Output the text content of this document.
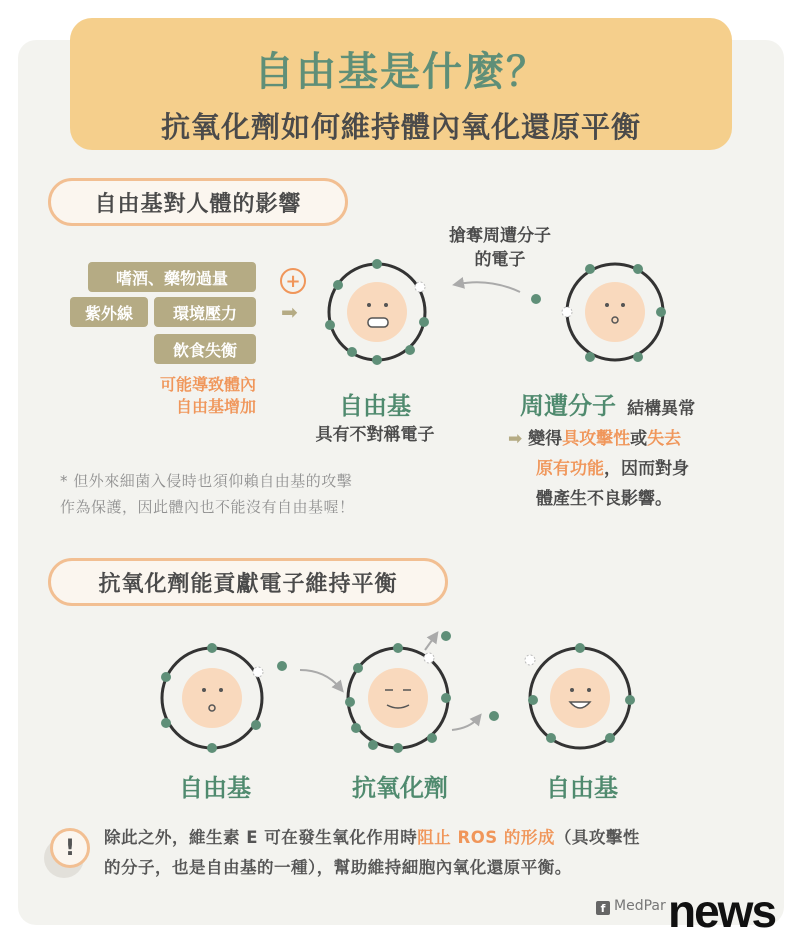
自由基是什麼？
抗氧化劑如何維持體內氧化還原平衡
自由基對人體的影響
嗜酒、藥物過量
紫外線	環境壓力
飲食失衡
可能導致體內
自由基增加
+
➡
搶奪周遭分子
的電子
自由基
具有不對稱電子
周遭分子 結構異常
➡ 變得具攻擊性或失去
原有功能，因而對身
體產生不良影響。
* 但外來細菌入侵時也須仰賴自由基的攻擊
作為保護，因此體內也不能沒有自由基喔！
抗氧化劑能貢獻電子維持平衡
自由基	抗氧化劑	自由基
!	除此之外，維生素 E 可在發生氧化作用時阻止 ROS 的形成（具攻擊性
的分子，也是自由基的一種），幫助維持細胞內氧化還原平衡。
f MedPar news
